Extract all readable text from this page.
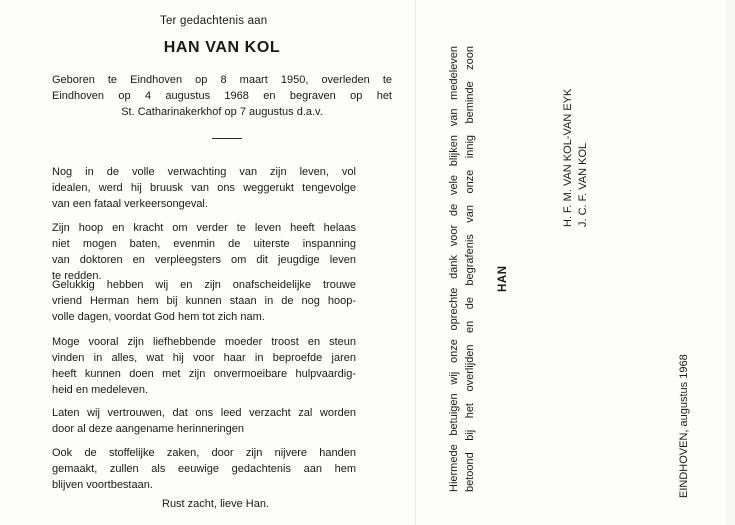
Ter gedachtenis aan
HAN VAN KOL
Geboren te Eindhoven op 8 maart 1950, overleden te
Eindhoven op 4 augustus 1968 en begraven op het
St. Catharinakerkhof op 7 augustus d.a.v.
Nog in de volle verwachting van zijn leven, vol
idealen, werd hij bruusk van ons weggerukt tengevolge
van een fataal verkeersongeval.
Zijn hoop en kracht om verder te leven heeft helaas
niet mogen baten, evenmin de uiterste inspanning
van doktoren en verpleegsters om dit jeugdige leven
te redden.
Gelukkig hebben wij en zijn onafscheidelijke trouwe
vriend Herman hem bij kunnen staan in de nog hoop-
volle dagen, voordat God hem tot zich nam.
Moge vooral zijn liefhebbende moeder troost en steun
vinden in alles, wat hij voor haar in beproefde jaren
heeft kunnen doen met zijn onvermoeibare hulpvaardig-
heid en medeleven.
Laten wij vertrouwen, dat ons leed verzacht zal worden
door al deze aangename herinneringen
Ook de stoffelijke zaken, door zijn nijvere handen
gemaakt, zullen als eeuwige gedachtenis aan hem
blijven voortbestaan.
Rust zacht, lieve Han.
Hiermede betuigen wij onze oprechte dank voor de vele blijken van medeleven betoond bij het overlijden en de begrafenis van onze innig beminde zoon HAN
H. F. M. VAN KOL-VAN EYK J. C. F. VAN KOL
EINDHOVEN, augustus 1968
